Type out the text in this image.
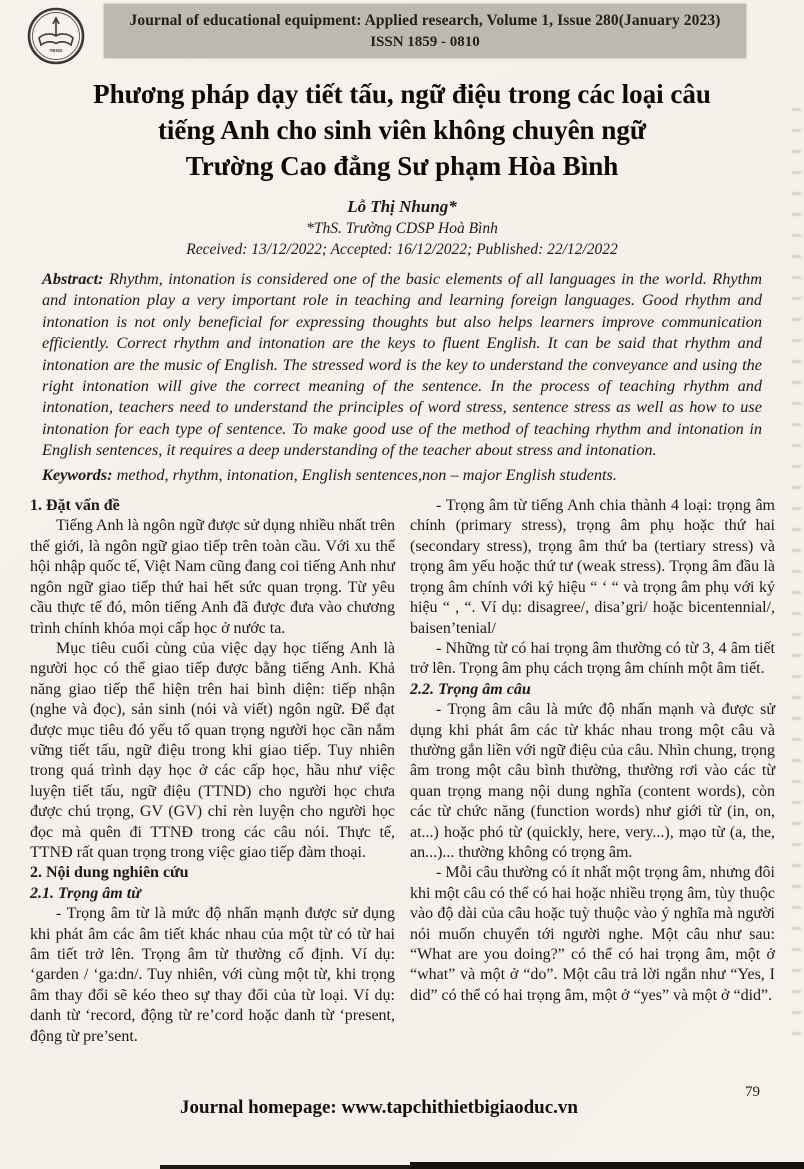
TBGD
Journal of educational equipment: Applied research, Volume 1, Issue 280(January 2023)
ISSN 1859 - 0810
Phương pháp dạy tiết tấu, ngữ điệu trong các loại câu
tiếng Anh cho sinh viên không chuyên ngữ
Trường Cao đẳng Sư phạm Hòa Bình
Lỗ Thị Nhung*
*ThS. Trường CDSP Hoà Bình
Received: 13/12/2022; Accepted: 16/12/2022; Published: 22/12/2022
Abstract: Rhythm, intonation is considered one of the basic elements of all languages in the world. Rhythm and intonation play a very important role in teaching and learning foreign languages. Good rhythm and intonation is not only beneficial for expressing thoughts but also helps learners improve communication efficiently. Correct rhythm and intonation are the keys to fluent English. It can be said that rhythm and intonation are the music of English. The stressed word is the key to understand the conveyance and using the right intonation will give the correct meaning of the sentence. In the process of teaching rhythm and intonation, teachers need to understand the principles of word stress, sentence stress as well as how to use intonation for each type of sentence. To make good use of the method of teaching rhythm and intonation in English sentences, it requires a deep understanding of the teacher about stress and intonation.
Keywords: method, rhythm, intonation, English sentences,non – major English students.
1. Đặt vấn đề

Tiếng Anh là ngôn ngữ được sử dụng nhiều nhất trên thế giới, là ngôn ngữ giao tiếp trên toàn cầu. Với xu thế hội nhập quốc tế, Việt Nam cũng đang coi tiếng Anh như ngôn ngữ giao tiếp thứ hai hết sức quan trọng. Từ yêu cầu thực tế đó, môn tiếng Anh đã được đưa vào chương trình chính khóa mọi cấp học ở nước ta.

Mục tiêu cuối cùng của việc dạy học tiếng Anh là người học có thể giao tiếp được bằng tiếng Anh. Khả năng giao tiếp thể hiện trên hai bình diện: tiếp nhận (nghe và đọc), sản sinh (nói và viết) ngôn ngữ. Để đạt được mục tiêu đó yếu tố quan trọng người học cần nắm vững tiết tấu, ngữ điệu trong khi giao tiếp. Tuy nhiên trong quá trình dạy học ở các cấp học, hầu như việc luyện tiết tấu, ngữ điệu (TTND) cho người học chưa được chú trọng, GV (GV) chỉ rèn luyện cho người học đọc mà quên đi TTNĐ trong các câu nói. Thực tế, TTNĐ rất quan trọng trong việc giao tiếp đàm thoại.

2. Nội dung nghiên cứu
2.1. Trọng âm từ

- Trọng âm từ là mức độ nhấn mạnh được sử dụng khi phát âm các âm tiết khác nhau của một từ có từ hai âm tiết trở lên. Trọng âm từ thường cố định. Ví dụ: ‘garden / ‘ga:dn/. Tuy nhiên, với cùng một từ, khi trọng âm thay đổi sẽ kéo theo sự thay đổi của từ loại. Ví dụ: danh từ ‘record, động từ re’cord hoặc danh từ ‘present, động từ pre’sent.

- Trọng âm từ tiếng Anh chia thành 4 loại: trọng âm chính (primary stress), trọng âm phụ hoặc thứ hai (secondary stress), trọng âm thứ ba (tertiary stress) và trọng âm yếu hoặc thứ tư (weak stress). Trọng âm đầu là trọng âm chính với ký hiệu “ ‘ “ và trọng âm phụ với ký hiệu “ , “. Ví dụ: disagree/, disa’gri/ hoặc bicentennial/, baisen’tenial/

- Những từ có hai trọng âm thường có từ 3, 4 âm tiết trở lên. Trọng âm phụ cách trọng âm chính một âm tiết.

2.2. Trọng âm câu

- Trọng âm câu là mức độ nhấn mạnh và được sử dụng khi phát âm các từ khác nhau trong một câu và thường gắn liền với ngữ điệu của câu. Nhìn chung, trọng âm trong một câu bình thường, thường rơi vào các từ quan trọng mang nội dung nghĩa (content words), còn các từ chức năng (function words) như giới từ (in, on, at...) hoặc phó từ (quickly, here, very...), mạo từ (a, the, an...)... thường không có trọng âm.

- Mỗi câu thường có ít nhất một trọng âm, nhưng đôi khi một câu có thể có hai hoặc nhiều trọng âm, tùy thuộc vào độ dài của câu hoặc tuỳ thuộc vào ý nghĩa mà người nói muốn chuyển tới người nghe. Một câu như sau: “What are you doing?” có thể có hai trọng âm, một ở “what” và một ở “do”. Một câu trả lời ngắn như “Yes, I did” có thể có hai trọng âm, một ở “yes” và một ở “did”.

Journal homepage: www.tapchithietbigiaoduc.vn
79
